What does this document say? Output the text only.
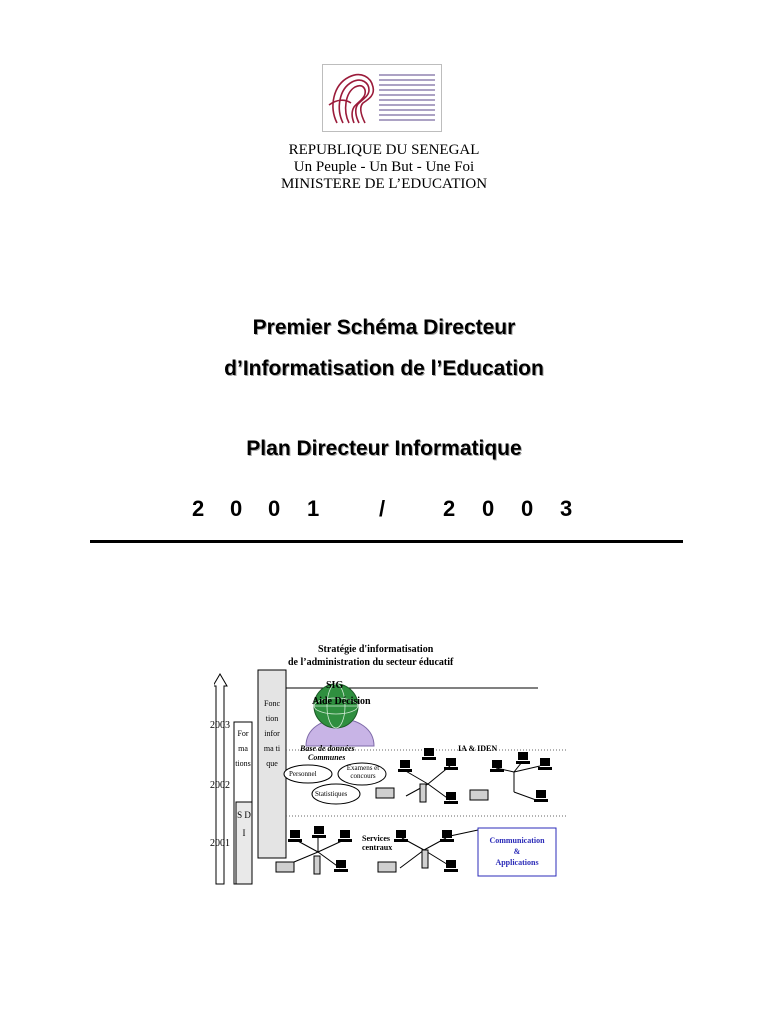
REPUBLIQUE DU SENEGAL
Un Peuple - Un But - Une Foi
MINISTERE DE L’EDUCATION
Premier Schéma Directeur
d’Informatisation de l’Education
Plan Directeur Informatique
2 0 0 1	/	2 0 0 3
Stratégie d'informatisation
de l’administration du secteur éducatif
2003
2002
2001
For ma tions
S D I
Fonc tion infor ma ti que
SIG
Aide Décision
Base de données
Communes
Personnel
Examens et concours
Statistiques
IA & IDEN
Services
centraux
Communication
&
Applications
